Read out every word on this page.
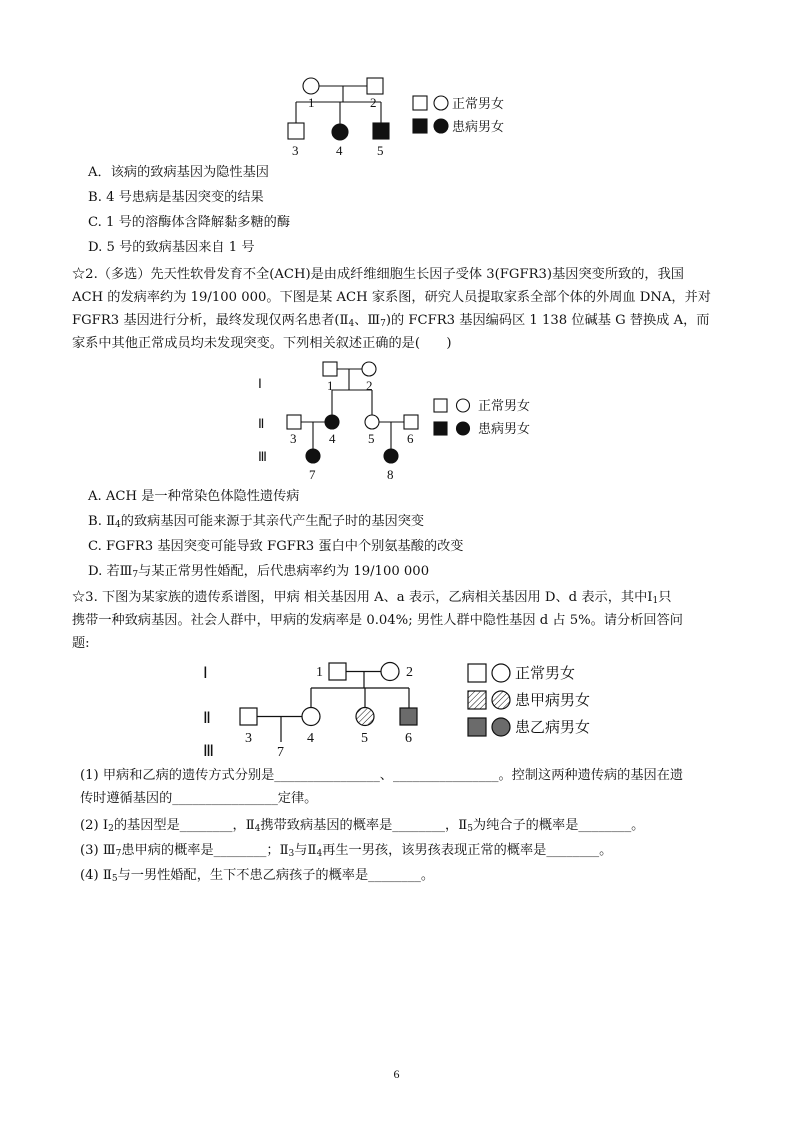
1	2
3	4	5
正常男女
患病男女
A．该病的致病基因为隐性基因
B. 4 号患病是基因突变的结果
C. 1 号的溶酶体含降解黏多糖的酶
D. 5 号的致病基因来自 1 号
☆2.（多选）先天性软骨发育不全(ACH)是由成纤维细胞生长因子受体 3(FGFR3)基因突变所致的，我国
ACH 的发病率约为 19/100 000。下图是某 ACH 家系图，研究人员提取家系全部个体的外周血 DNA，并对
FGFR3 基因进行分析，最终发现仅两名患者($Ⅱ_4$、$Ⅲ_7$)的 FCFR3 基因编码区 1 138 位碱基 G 替换成 A，而
家系中其他正常成员均未发现突变。下列相关叙述正确的是(　　)
Ⅰ
Ⅱ
Ⅲ
1	2
3	4	5	6
7	8
正常男女
患病男女
A. ACH 是一种常染色体隐性遗传病
B. $Ⅱ_4$的致病基因可能来源于其亲代产生配子时的基因突变
C. FGFR3 基因突变可能导致 FGFR3 蛋白中个别氨基酸的改变
D. 若$Ⅲ_7$与某正常男性婚配，后代患病率约为 19/100 000
☆3. 下图为某家族的遗传系谱图，甲病 相关基因用 A、a 表示，乙病相关基因用 D、d 表示，其中$Ⅰ_1$只
携带一种致病基因。社会人群中，甲病的发病率是 0.04%; 男性人群中隐性基因 d 占 5%。请分析回答问
题:
Ⅰ
Ⅱ
Ⅲ
1	2
3	4	5	6
7
正常男女
患甲病男女
患乙病男女
(1) 甲病和乙病的遗传方式分别是________________、________________。控制这两种遗传病的基因在遗
传时遵循基因的________________定律。
(2) $Ⅰ_2$的基因型是________，$Ⅱ_4$携带致病基因的概率是________，$Ⅱ_5$为纯合子的概率是________。
(3) $Ⅲ_7$患甲病的概率是________；$Ⅱ_3$与$Ⅱ_4$再生一男孩，该男孩表现正常的概率是________。
(4) $Ⅱ_5$与一男性婚配，生下不患乙病孩子的概率是________。
6
